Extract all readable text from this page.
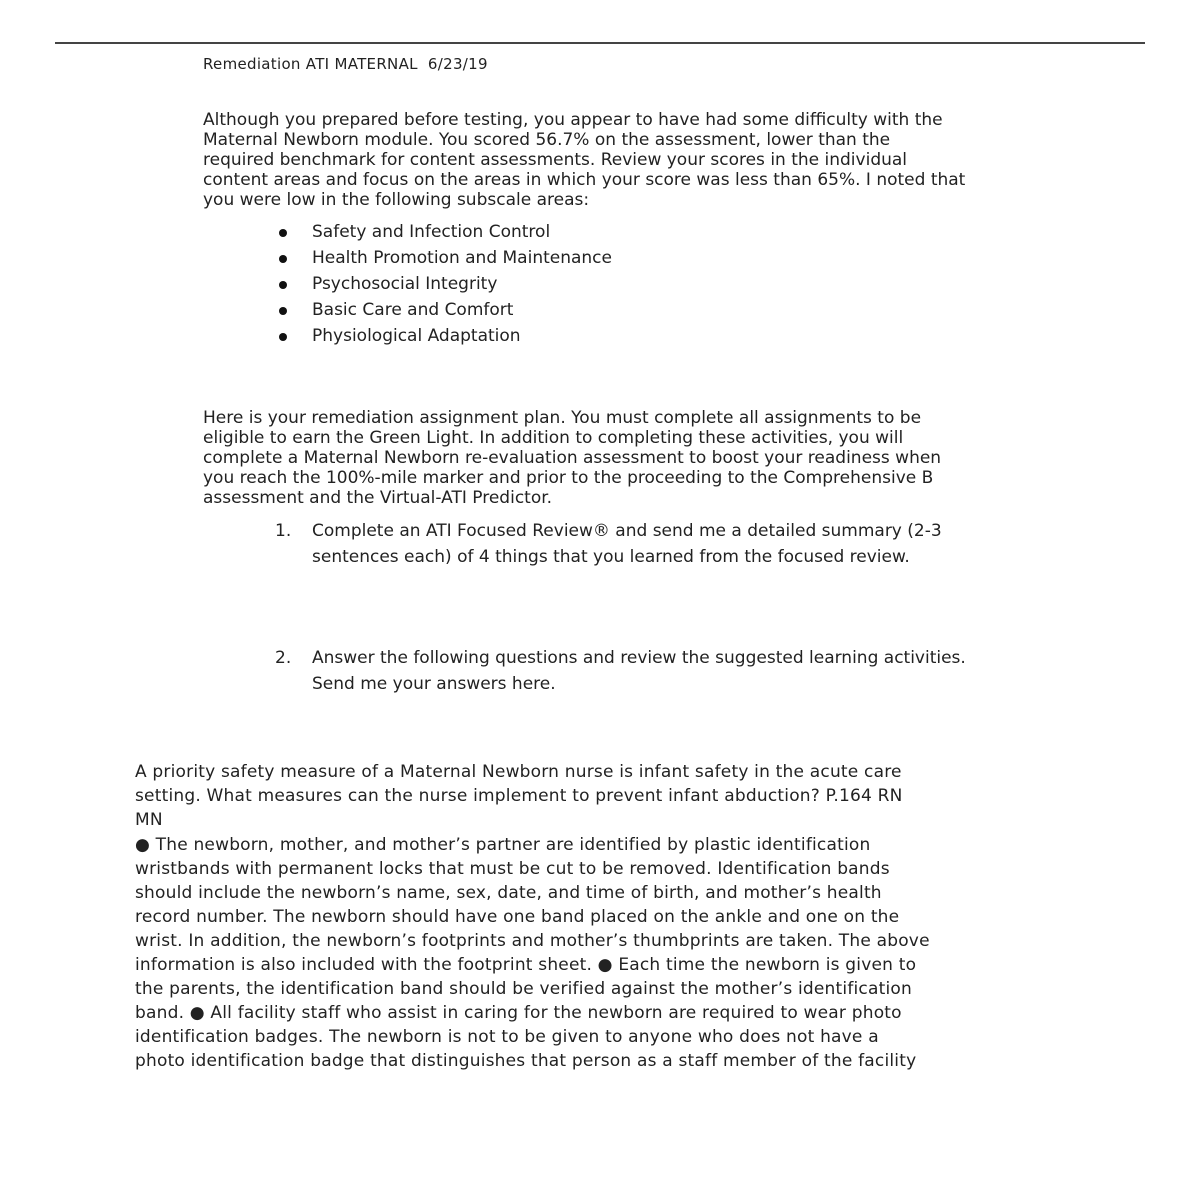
Remediation ATI MATERNAL  6/23/19
Although you prepared before testing, you appear to have had some difficulty with the
Maternal Newborn module. You scored 56.7% on the assessment, lower than the
required benchmark for content assessments. Review your scores in the individual
content areas and focus on the areas in which your score was less than 65%. I noted that
you were low in the following subscale areas:
Safety and Infection Control
Health Promotion and Maintenance
Psychosocial Integrity
Basic Care and Comfort
Physiological Adaptation
Here is your remediation assignment plan. You must complete all assignments to be
eligible to earn the Green Light. In addition to completing these activities, you will
complete a Maternal Newborn re-evaluation assessment to boost your readiness when
you reach the 100%-mile marker and prior to the proceeding to the Comprehensive B
assessment and the Virtual-ATI Predictor.
1. Complete an ATI Focused Review® and send me a detailed summary (2-3
sentences each) of 4 things that you learned from the focused review.
2. Answer the following questions and review the suggested learning activities.
Send me your answers here.
A priority safety measure of a Maternal Newborn nurse is infant safety in the acute care
setting. What measures can the nurse implement to prevent infant abduction? P.164 RN
MN
● The newborn, mother, and mother’s partner are identified by plastic identification
wristbands with permanent locks that must be cut to be removed. Identification bands
should include the newborn’s name, sex, date, and time of birth, and mother’s health
record number. The newborn should have one band placed on the ankle and one on the
wrist. In addition, the newborn’s footprints and mother’s thumbprints are taken. The above
information is also included with the footprint sheet. ● Each time the newborn is given to
the parents, the identification band should be verified against the mother’s identification
band. ● All facility staff who assist in caring for the newborn are required to wear photo
identification badges. The newborn is not to be given to anyone who does not have a
photo identification badge that distinguishes that person as a staff member of the facility
